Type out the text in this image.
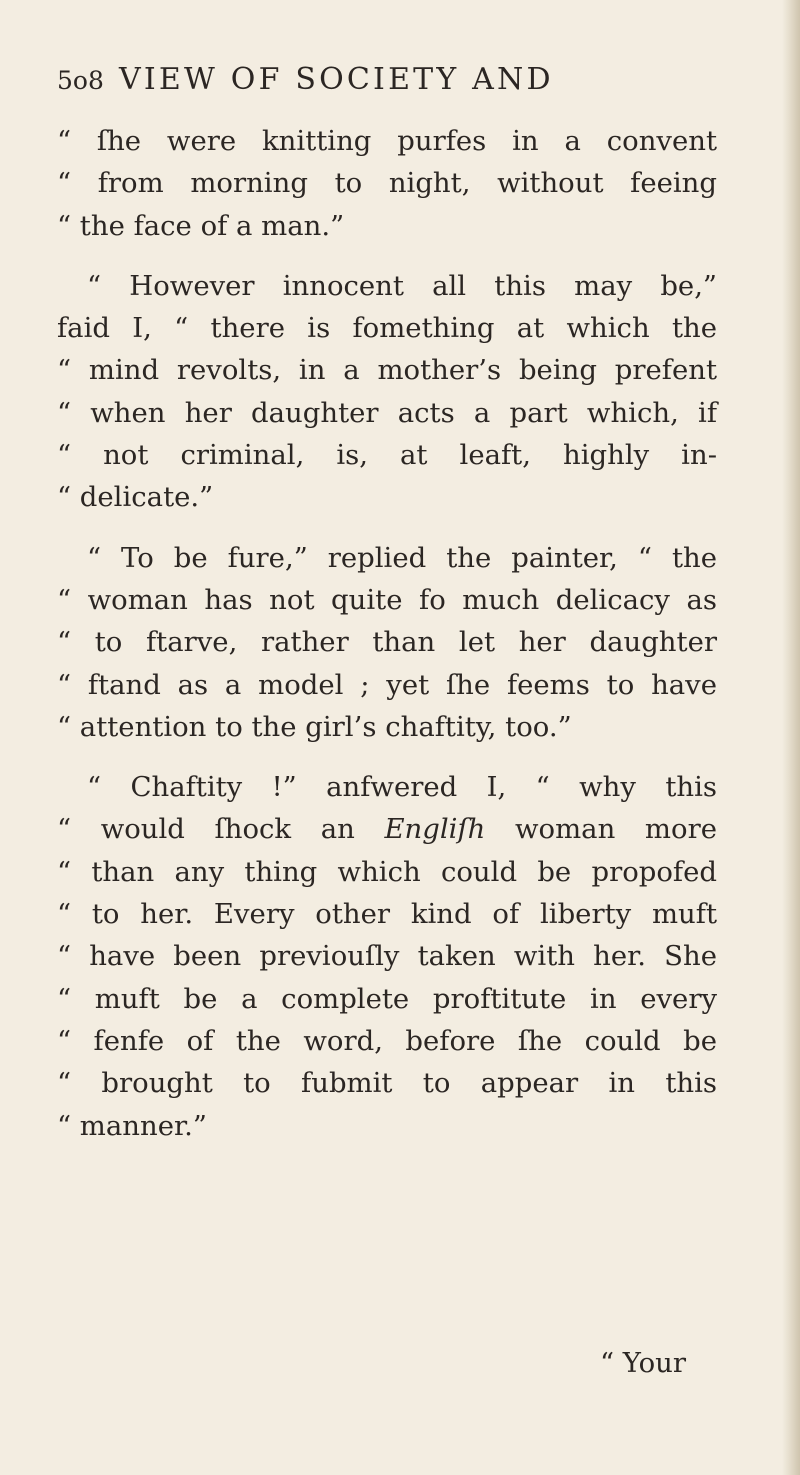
5o8 VIEW OF SOCIETY AND
“ ſhe were knitting purfes in a convent
“ from morning to night, without feeing
“ the face of a man.”
“ However innocent all this may be,”
faid I, “ there is fomething at which the
“ mind revolts, in a mother’s being prefent
“ when her daughter acts a part which, if
“ not criminal, is, at leaft, highly in-
“ delicate.”
“ To be fure,” replied the painter, “ the
“ woman has not quite fo much delicacy as
“ to ftarve, rather than let her daughter
“ ftand as a model ; yet ſhe feems to have
“ attention to the girl’s chaftity, too.”
“ Chaftity !” anfwered I, “ why this
“ would ſhock an Engliſh woman more
“ than any thing which could be propofed
“ to her. Every other kind of liberty muft
“ have been previouſly taken with her. She
“ muft be a complete proftitute in every
“ fenfe of the word, before ſhe could be
“ brought to fubmit to appear in this
“ manner.”
“ Your
